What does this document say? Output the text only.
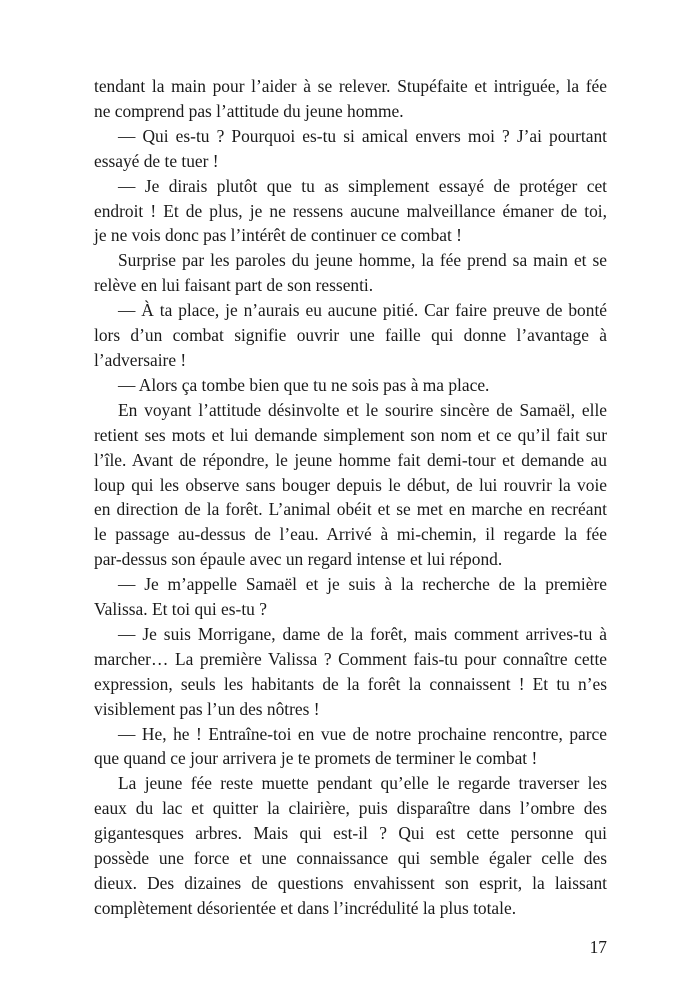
tendant la main pour l’aider à se relever. Stupéfaite et intriguée, la fée
ne comprend pas l’attitude du jeune homme.
— Qui es-tu ? Pourquoi es-tu si amical envers moi ? J’ai pourtant
essayé de te tuer !
— Je dirais plutôt que tu as simplement essayé de protéger cet
endroit ! Et de plus, je ne ressens aucune malveillance émaner de toi,
je ne vois donc pas l’intérêt de continuer ce combat !
Surprise par les paroles du jeune homme, la fée prend sa main et se
relève en lui faisant part de son ressenti.
— À ta place, je n’aurais eu aucune pitié. Car faire preuve de bonté
lors d’un combat signifie ouvrir une faille qui donne l’avantage à
l’adversaire !
— Alors ça tombe bien que tu ne sois pas à ma place.
En voyant l’attitude désinvolte et le sourire sincère de Samaël, elle
retient ses mots et lui demande simplement son nom et ce qu’il fait sur
l’île. Avant de répondre, le jeune homme fait demi-tour et demande au
loup qui les observe sans bouger depuis le début, de lui rouvrir la voie
en direction de la forêt. L’animal obéit et se met en marche en recréant
le passage au-dessus de l’eau. Arrivé à mi-chemin, il regarde la fée
par-dessus son épaule avec un regard intense et lui répond.
— Je m’appelle Samaël et je suis à la recherche de la première
Valissa. Et toi qui es-tu ?
— Je suis Morrigane, dame de la forêt, mais comment arrives-tu à
marcher… La première Valissa ? Comment fais-tu pour connaître cette
expression, seuls les habitants de la forêt la connaissent ! Et tu n’es
visiblement pas l’un des nôtres !
— He, he ! Entraîne-toi en vue de notre prochaine rencontre, parce
que quand ce jour arrivera je te promets de terminer le combat !
La jeune fée reste muette pendant qu’elle le regarde traverser les
eaux du lac et quitter la clairière, puis disparaître dans l’ombre des
gigantesques arbres. Mais qui est-il ? Qui est cette personne qui
possède une force et une connaissance qui semble égaler celle des
dieux. Des dizaines de questions envahissent son esprit, la laissant
complètement désorientée et dans l’incrédulité la plus totale.
17
